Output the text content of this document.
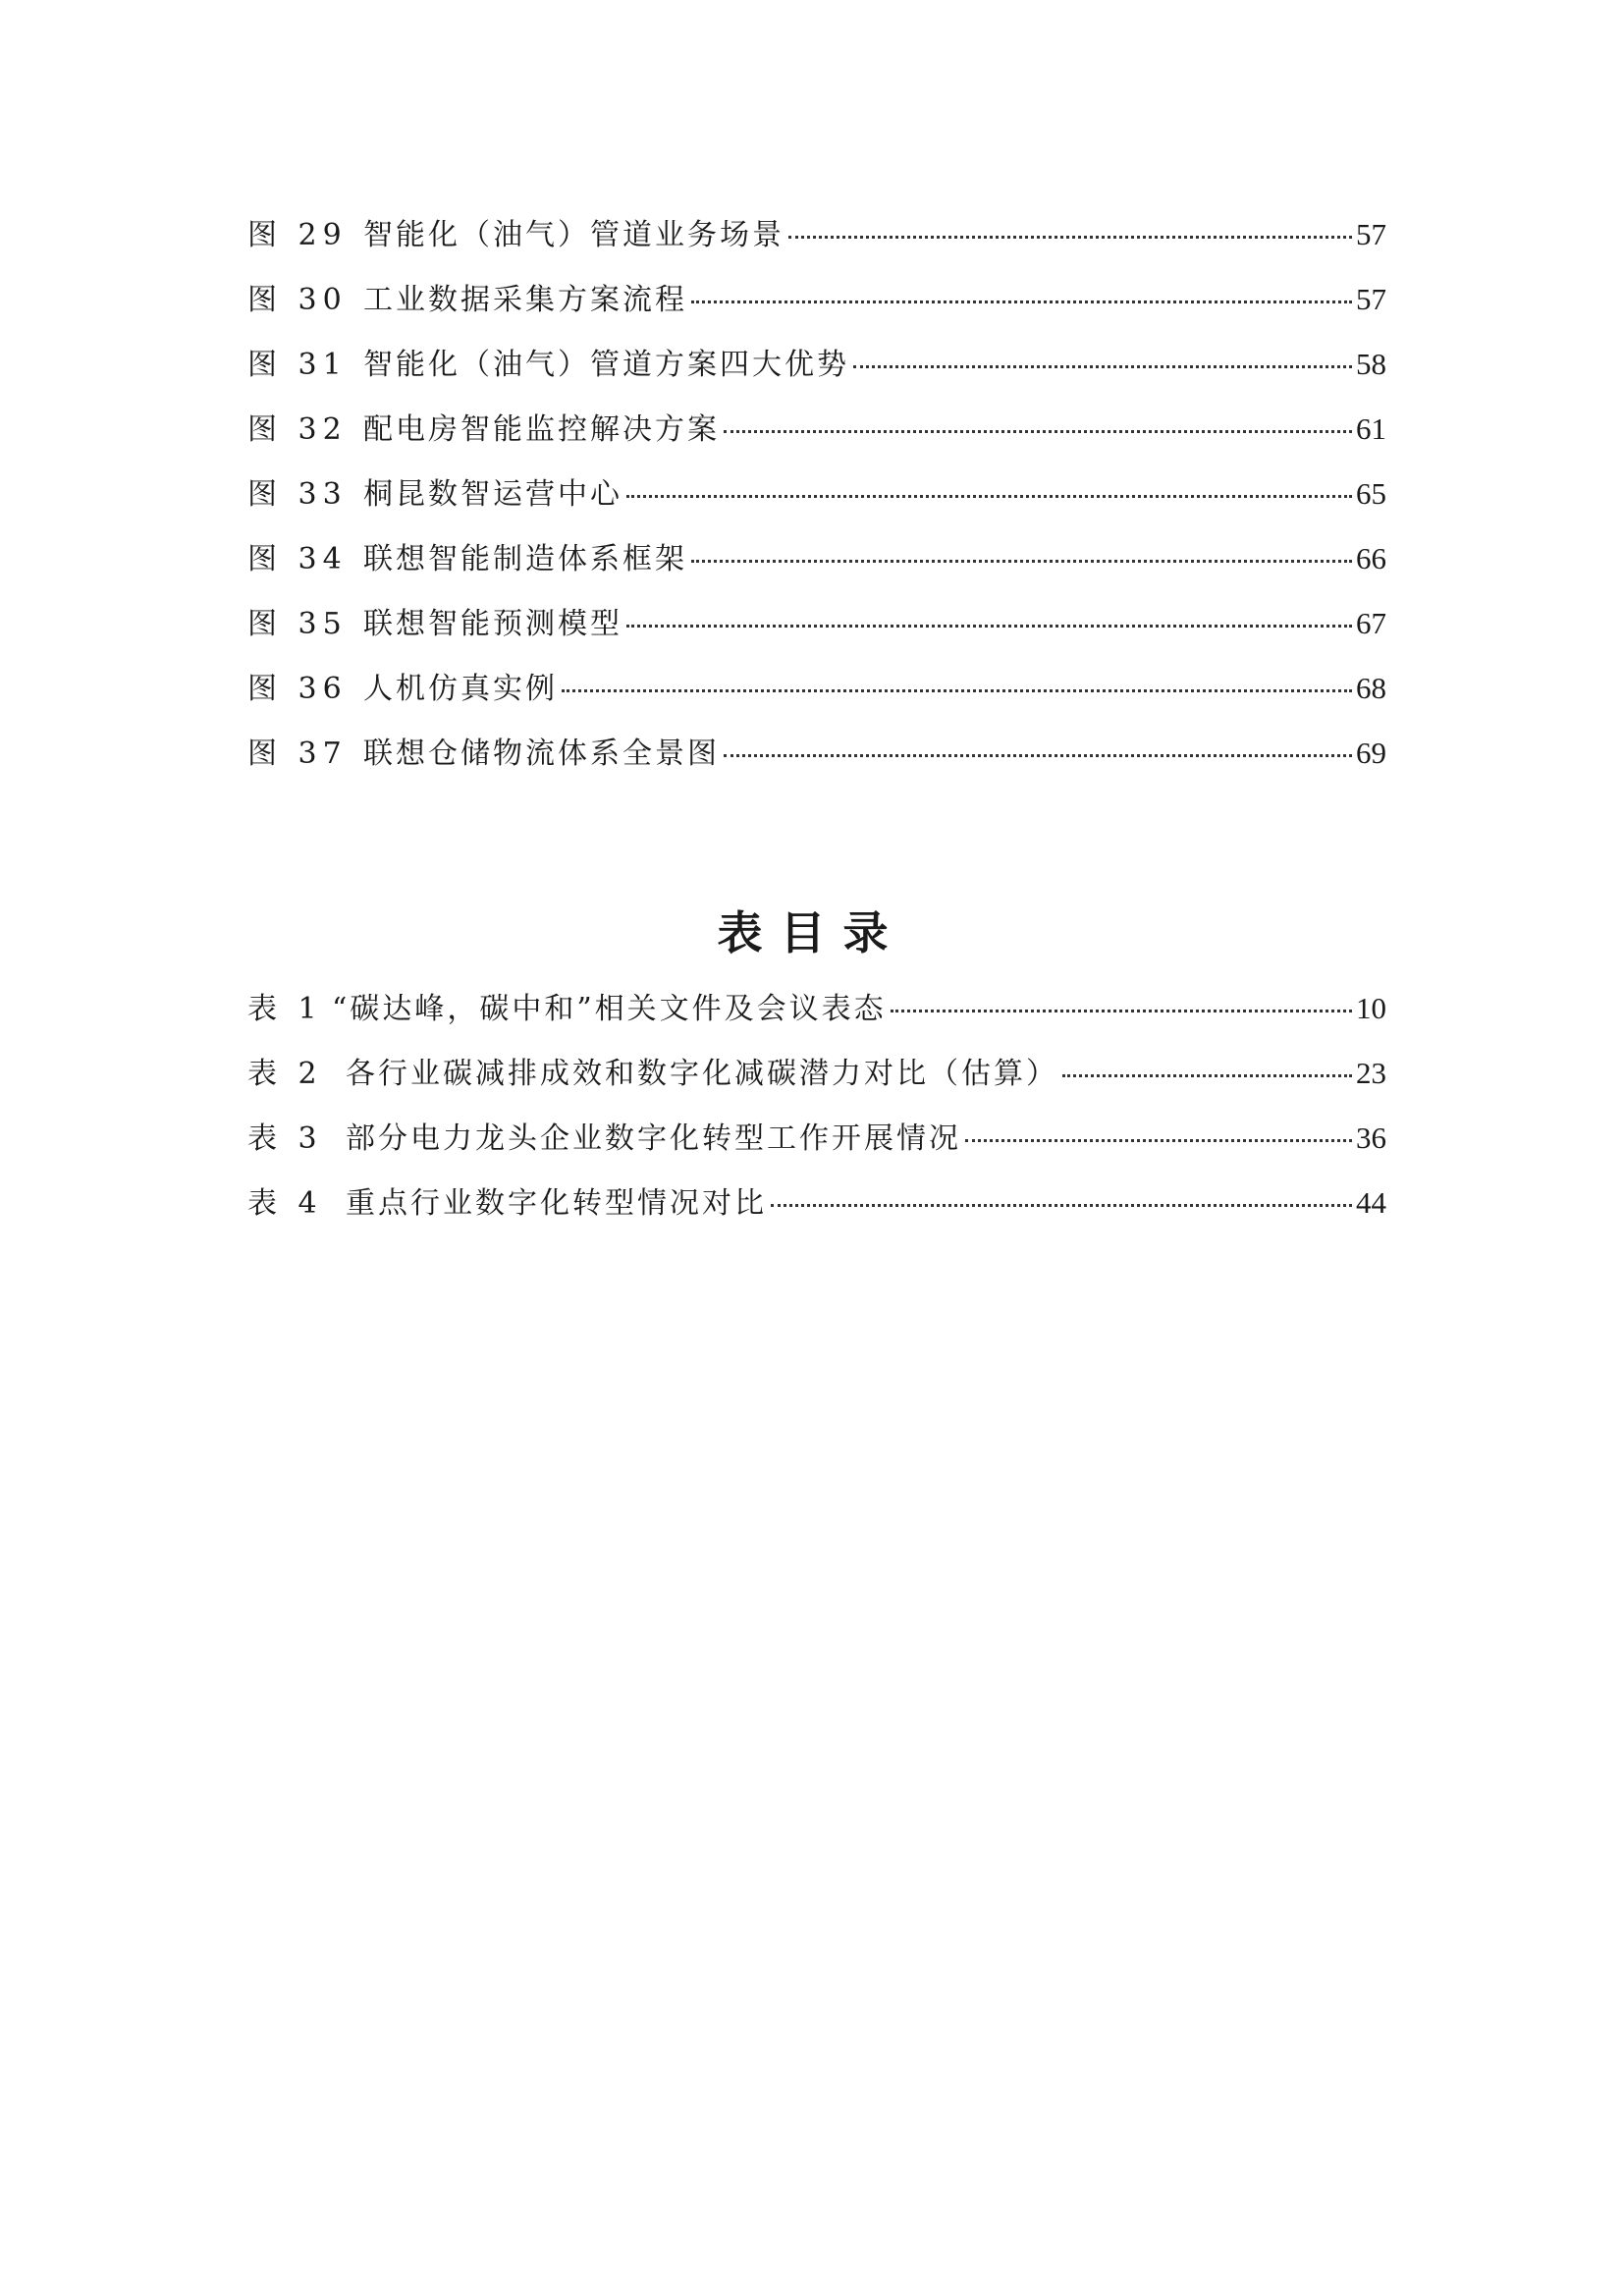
图 29 智能化（油气）管道业务场景	57
图 30 工业数据采集方案流程	57
图 31 智能化（油气）管道方案四大优势	58
图 32 配电房智能监控解决方案	61
图 33 桐昆数智运营中心	65
图 34 联想智能制造体系框架	66
图 35 联想智能预测模型	67
图 36 人机仿真实例	68
图 37 联想仓储物流体系全景图	69
表目录
表 1 “碳达峰，碳中和”相关文件及会议表态	10
表 2 各行业碳减排成效和数字化减碳潜力对比（估算）	23
表 3 部分电力龙头企业数字化转型工作开展情况	36
表 4 重点行业数字化转型情况对比	44
